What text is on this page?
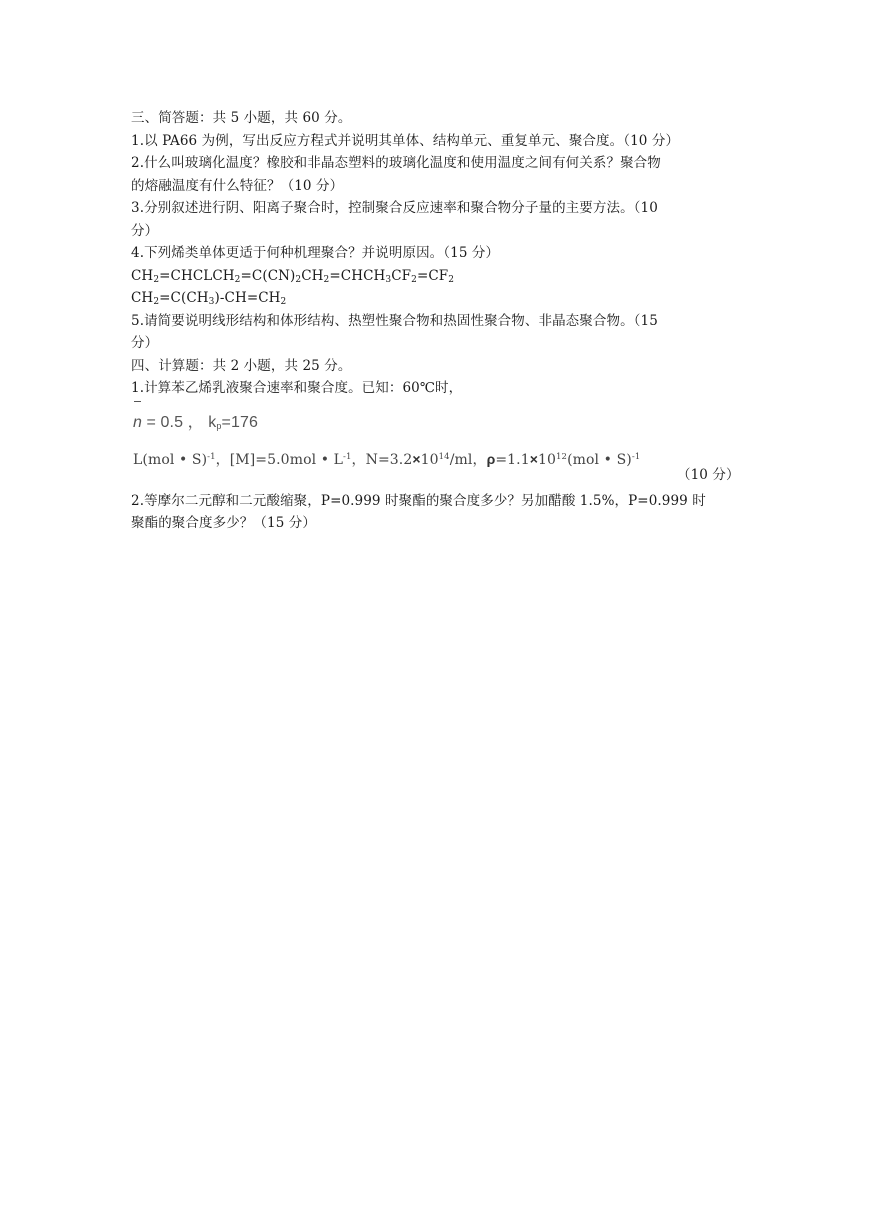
三、简答题：共 5 小题，共 60 分。
1.以 PA66 为例，写出反应方程式并说明其单体、结构单元、重复单元、聚合度。（10 分）
2.什么叫玻璃化温度？橡胶和非晶态塑料的玻璃化温度和使用温度之间有何关系？聚合物
的熔融温度有什么特征？（10 分）
3.分别叙述进行阴、阳离子聚合时，控制聚合反应速率和聚合物分子量的主要方法。（10
分）
4.下列烯类单体更适于何种机理聚合？并说明原因。（15 分）
$CH_2=CHCLCH_2=C(CN)_2CH_2=CHCH_3CF_2=CF_2$
$CH_2=C(CH_3)-CH=CH_2$
5.请简要说明线形结构和体形结构、热塑性聚合物和热固性聚合物、非晶态聚合物。（15
分）
四、计算题：共 2 小题，共 25 分。
1.计算苯乙烯乳液聚合速率和聚合度。已知：60℃时，
n = 0.5 ， $k_p=176$
L(mol • S)$^{-1}$，[M]=5.0mol • $L^{-1}$，$N=3.2\times 10^{14}/ml$，$\rho=1.1\times 10^{12}(mol$ • S)$^{-1}$
（10 分）
2.等摩尔二元醇和二元酸缩聚，P=0.999 时聚酯的聚合度多少？另加醋酸 1.5%，P=0.999 时
聚酯的聚合度多少？（15 分）
